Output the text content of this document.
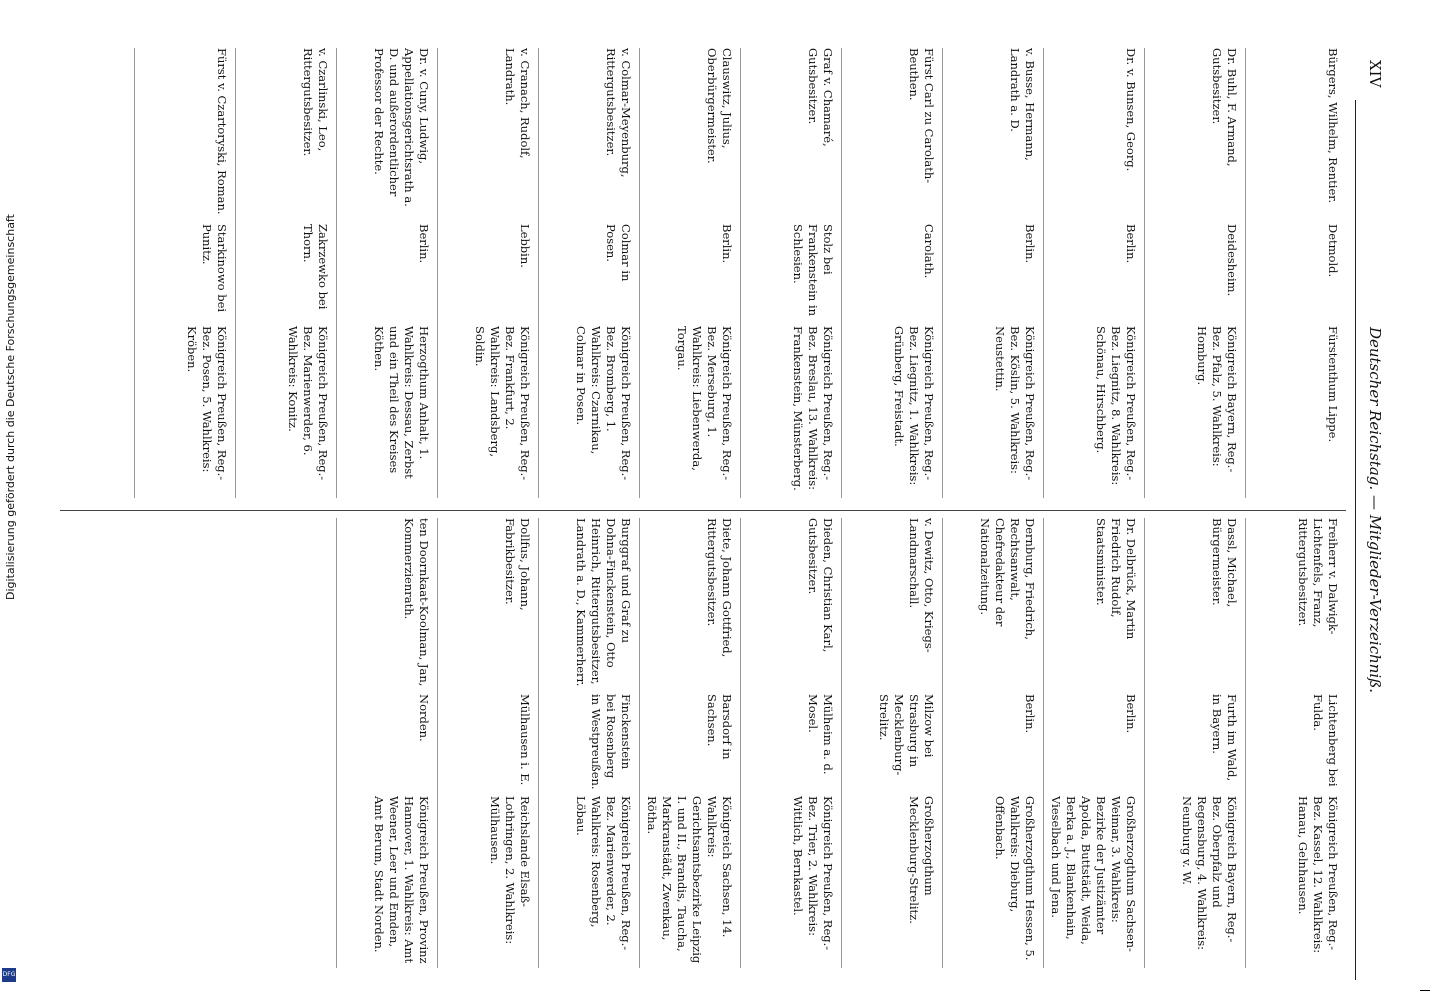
XIV
Deutscher Reichstag. — Mitglieder-Verzeichniß.
Bürgers, Wilhelm, Rentier.
Detmold.
Fürstenthum Lippe.
Dr. Buhl, F. Armand, Gutsbesitzer.
Deidesheim.
Königreich Bayern, Reg.-Bez. Pfalz, 5. Wahlkreis: Homburg.
Dr. v. Bunsen, Georg.
Berlin.
Königreich Preußen, Reg.-Bez. Liegnitz, 8. Wahlkreis: Schönau, Hirschberg.
v. Busse, Hermann, Landrath a. D.
Berlin.
Königreich Preußen, Reg.-Bez. Köslin, 5. Wahlkreis: Neustettin.
Fürst Carl zu Carolath-Beuthen.
Carolath.
Königreich Preußen, Reg.-Bez. Liegnitz, 1. Wahlkreis: Grünberg, Freistadt.
Graf v. Chamaré, Gutsbesitzer.
Stolz bei Frankenstein in Schlesien.
Königreich Preußen, Reg.-Bez. Breslau, 13. Wahlkreis: Frankenstein, Münsterberg.
Clauswitz, Julius, Oberbürgermeister.
Berlin.
Königreich Preußen, Reg.-Bez. Merseburg, 1. Wahlkreis: Liebenwerda, Torgau.
v. Colmar-Meyenburg, Rittergutsbesitzer.
Colmar in Posen.
Königreich Preußen, Reg.-Bez. Bromberg, 1. Wahlkreis: Czarnikau, Colmar in Posen.
v. Cranach, Rudolf, Landrath.
Lebbin.
Königreich Preußen, Reg.-Bez. Frankfurt, 2. Wahlkreis: Landsberg, Soldin.
Dr. v. Cuny, Ludwig, Appellationsgerichtsrath a. D. und außerordentlicher Professor der Rechte.
Berlin.
Herzogthum Anhalt, 1. Wahlkreis: Dessau, Zerbst und ein Theil des Kreises Köthen.
v. Czarlinski, Leo, Rittergutsbesitzer.
Zakrzewko bei Thorn.
Königreich Preußen, Reg.-Bez. Marienwerder, 6. Wahlkreis: Konitz.
Fürst v. Czartoryski, Roman.
Starkinowo bei Punitz.
Königreich Preußen, Reg.-Bez. Posen, 5. Wahlkreis: Kröben.
Freiherr v. Dalwigk-Lichtenfels, Franz, Rittergutsbesitzer.
Lichtenberg bei Fulda.
Königreich Preußen, Reg.-Bez. Kassel, 12. Wahlkreis: Hanau, Gelnhausen.
Dassl, Michael, Bürgermeister.
Furth im Wald, in Bayern.
Königreich Bayern, Reg.-Bez. Oberpfalz und Regensburg, 4. Wahlkreis: Neunburg v. W.
Dr. Delbrück, Martin Friedrich Rudolf, Staatsminister.
Berlin.
Großherzogthum Sachsen-Weimar, 3. Wahlkreis: Bezirke der Justizämter Apolda, Buttstädt, Weida, Berka a. J., Blankenhain, Vieselbach und Jena.
Dernburg, Friedrich, Rechtsanwalt, Chefredakteur der Nationalzeitung.
Berlin.
Großherzogthum Hessen, 5. Wahlkreis: Dieburg, Offenbach.
v. Dewitz, Otto, Kriegs-Landmarschall.
Milzow bei Strasburg in Mecklenburg-Strelitz.
Großherzogthum Mecklenburg-Strelitz.
Dieden, Christian Karl, Gutsbesitzer.
Mülheim a. d. Mosel.
Königreich Preußen, Reg.-Bez. Trier, 2. Wahlkreis: Wittlich, Bernkastel.
Diete, Johann Gottfried, Rittergutsbesitzer.
Barsdorf in Sachsen.
Königreich Sachsen, 14. Wahlkreis: Gerichtsamtsbezirke Leipzig I. und II., Brandis, Taucha, Markranstädt, Zwenkau, Rötha.
Burggraf und Graf zu Dohna-Finckenstein, Otto Heinrich, Rittergutsbesitzer, Landrath a. D., Kammerherr.
Finckenstein bei Rosenberg in Westpreußen.
Königreich Preußen, Reg.-Bez. Marienwerder, 2. Wahlkreis: Rosenberg, Löbau.
Dollfus, Johann, Fabrikbesitzer.
Mülhausen i. E.
Reichslande Elsaß-Lothringen, 2. Wahlkreis: Mülhausen.
ten Doornkaat-Koolman, Jan, Kommerzienrath.
Norden.
Königreich Preußen, Provinz Hannover, 1. Wahlkreis: Amt Weener, Leer und Emden, Amt Berum, Stadt Norden.
Digitalisierung gefördert durch die Deutsche Forschungsgemeinschaft
DFG
